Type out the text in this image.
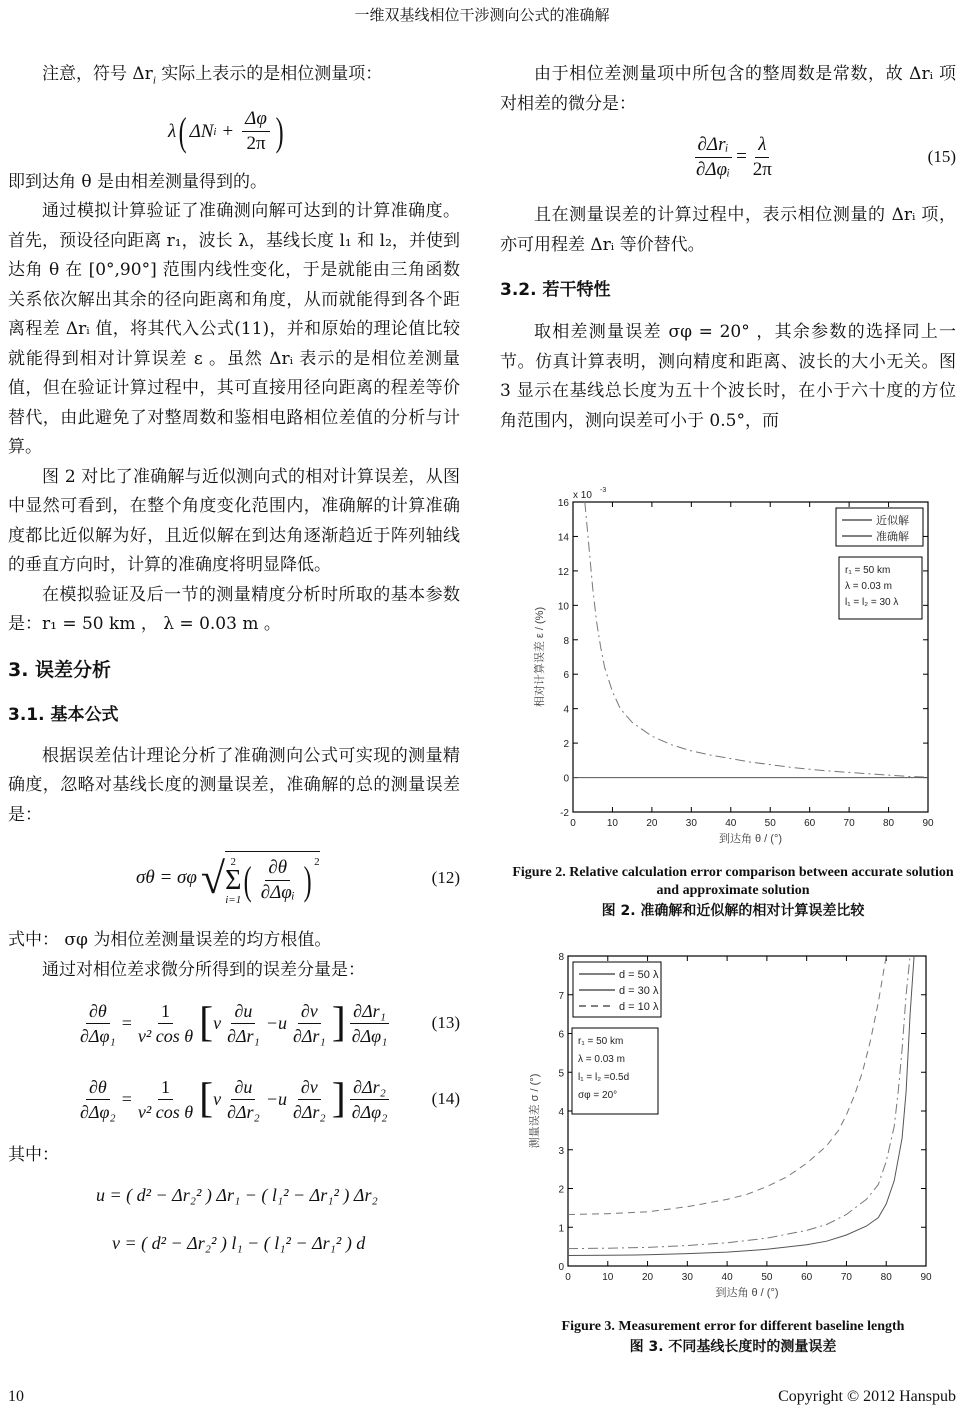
一维双基线相位干涉测向公式的准确解

注意，符号 $\Delta r_i$ 实际上表示的是相位测量项：

λ ( ΔN $i + \frac{\Delta\varphi}{2\pi}$ )

即到达角 θ 是由相差测量得到的。

通过模拟计算验证了准确测向解可达到的计算准确度。首先，预设径向距离 r₁，波长 λ，基线长度 l₁ 和 l₂，并使到达角 θ 在 [0°,90°] 范围内线性变化，于是就能由三角函数关系依次解出其余的径向距离和角度，从而就能得到各个距离程差 Δrᵢ 值，将其代入公式(11)，并和原始的理论值比较就能得到相对计算误差 ε 。虽然 Δrᵢ 表示的是相位差测量值，但在验证计算过程中，其可直接用径向距离的程差等价替代，由此避免了对整周数和鉴相电路相位差值的分析与计算。

图 2 对比了准确解与近似测向式的相对计算误差，从图中显然可看到，在整个角度变化范围内，准确解的计算准确度都比近似解为好，且近似解在到达角逐渐趋近于阵列轴线的垂直方向时，计算的准确度将明显降低。

在模拟验证及后一节的测量精度分析时所取的基本参数是：r₁ = 50 km ， λ = 0.03 m 。

3. 误差分析
3.1. 基本公式

根据误差估计理论分析了准确测向公式可实现的测量精确度，忽略对基线长度的测量误差，准确解的总的测量误差是：

σθ = σφ √ 2
Σ
i=1 ( $\frac{\partial\theta}{\text{∂Δφᵢ}} )^2$
(12)

式中： σφ 为相位差测量误差的均方根值。

通过对相位差求微分所得到的误差分量是：

$\frac{\partial\theta}{\text{∂Δφ₁}} = \frac{1}{\text{v² cos θ}}$ [ v $\frac{\partial u}{\text{∂Δr₁}} -u \frac{\partial v}{\text{∂Δr₁}}$ ] $\frac{\text{∂Δr₁}}{\text{∂Δφ₁}} (13)$
$\frac{\partial\theta}{\text{∂Δφ₂}} = \frac{1}{\text{v² cos θ}}$ [ v $\frac{\partial u}{\text{∂Δr₂}} -u \frac{\partial v}{\text{∂Δr₂}}$ ] $\frac{\text{∂Δr₂}}{\text{∂Δφ₂}} (14)$

其中：

u = ( d² − Δr₂² ) Δr₁ − ( l₁² − Δr₁² ) Δr₂
v = ( d² − Δr₂² ) l₁ − ( l₁² − Δr₁² ) d

由于相位差测量项中所包含的整周数是常数，故 Δrᵢ 项对相差的微分是：

$\frac{\text{∂Δrᵢ}}{\text{∂Δφᵢ}} = \frac{\lambda}{2\pi}$	(15)

且在测量误差的计算过程中，表示相位测量的 Δrᵢ 项，亦可用程差 Δrᵢ 等价替代。

3.2. 若干特性

取相差测量误差 σφ = 20° ，其余参数的选择同上一节。仿真计算表明，测向精度和距离、波长的大小无关。图 3 显示在基线总长度为五十个波长时，在小于六十度的方位角范围内，测向误差可小于 0.5°，而

0	10	20	30	40	50	60	70	80	90
-2
0
2
4
6
8
10
12
14
16
到达角 θ / (°)
相对计算误差 ε / (%)
x 10 -3
近似解
准确解
r₁ = 50 km
λ = 0.03 m
l₁ = l₂ = 30 λ
Figure 2. Relative calculation error comparison between accurate solution and approximate solution
图 2. 准确解和近似解的相对计算误差比较
0	10	20	30	40	50	60	70	80	90
0
1
2
3
4
5
6
7
8
到达角 θ / (°)
测量误差 σ / (°)
d = 50 λ
d = 30 λ
d = 10 λ
r₁ = 50 km
λ = 0.03 m
l₁ = l₂ =0.5d
σφ = 20°
Figure 3. Measurement error for different baseline length
图 3. 不同基线长度时的测量误差
10	Copyright © 2012 Hanspub
